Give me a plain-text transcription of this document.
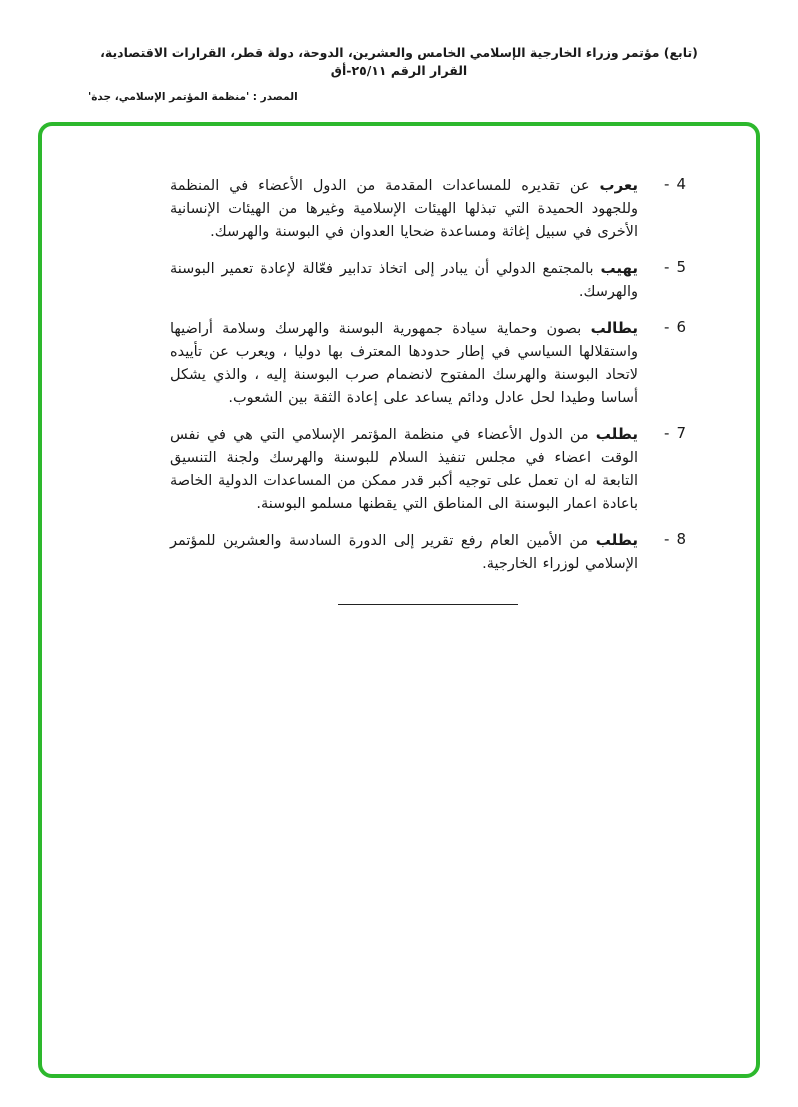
(تابع) مؤتمر وزراء الخارجية الإسلامي الخامس والعشرين، الدوحة، دولة قطر، القرارات الاقتصادية، القرار الرقم ٢٥/١١-أق
المصدر : 'منظمة المؤتمر الإسلامي، جدة'
4
-

يعرب عن تقديره للمساعدات المقدمة من الدول الأعضاء في المنظمة وللجهود الحميدة التي تبذلها الهيئات الإسلامية وغيرها من الهيئات الإنسانية الأخرى في سبيل إغاثة ومساعدة ضحايا العدوان في البوسنة والهرسك.

5
-

يهيب بالمجتمع الدولي أن يبادر إلى اتخاذ تدابير فعّالة لإعادة تعمير البوسنة والهرسك.

6
-

يطالب بصون وحماية سيادة جمهورية البوسنة والهرسك وسلامة أراضيها واستقلالها السياسي في إطار حدودها المعترف بها دوليا ، ويعرب عن تأييده لاتحاد البوسنة والهرسك المفتوح لانضمام صرب البوسنة إليه ، والذي يشكل أساسا وطيدا لحل عادل ودائم يساعد على إعادة الثقة بين الشعوب.

7
-

يطلب من الدول الأعضاء في منظمة المؤتمر الإسلامي التي هي في نفس الوقت اعضاء في مجلس تنفيذ السلام للبوسنة والهرسك ولجنة التنسيق التابعة له ان تعمل على توجيه أكبر قدر ممكن من المساعدات الدولية الخاصة باعادة اعمار البوسنة الى المناطق التي يقطنها مسلمو البوسنة.

8
-

يطلب من الأمين العام رفع تقرير إلى الدورة السادسة والعشرين للمؤتمر الإسلامي لوزراء الخارجية.
